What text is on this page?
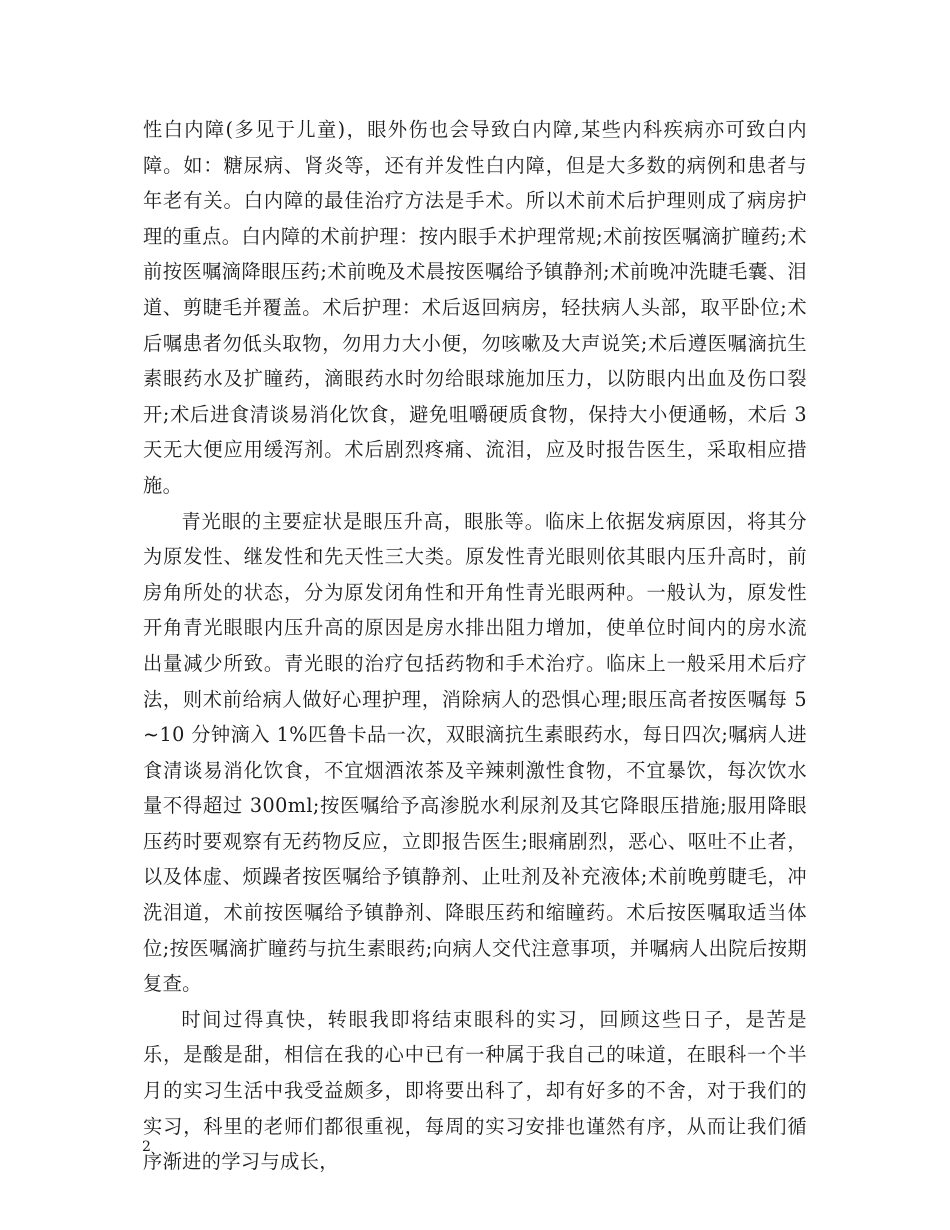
性白内障(多见于儿童)，眼外伤也会导致白内障,某些内科疾病亦可致白内障。如：糖尿病、肾炎等，还有并发性白内障，但是大多数的病例和患者与年老有关。白内障的最佳治疗方法是手术。所以术前术后护理则成了病房护理的重点。白内障的术前护理：按内眼手术护理常规;术前按医嘱滴扩瞳药;术前按医嘱滴降眼压药;术前晚及术晨按医嘱给予镇静剂;术前晚冲洗睫毛囊、泪道、剪睫毛并覆盖。术后护理：术后返回病房，轻扶病人头部，取平卧位;术后嘱患者勿低头取物，勿用力大小便，勿咳嗽及大声说笑;术后遵医嘱滴抗生素眼药水及扩瞳药，滴眼药水时勿给眼球施加压力，以防眼内出血及伤口裂开;术后进食清谈易消化饮食，避免咀嚼硬质食物，保持大小便通畅，术后 3 天无大便应用缓泻剂。术后剧烈疼痛、流泪，应及时报告医生，采取相应措施。

青光眼的主要症状是眼压升高，眼胀等。临床上依据发病原因，将其分为原发性、继发性和先天性三大类。原发性青光眼则依其眼内压升高时，前房角所处的状态，分为原发闭角性和开角性青光眼两种。一般认为，原发性开角青光眼眼内压升高的原因是房水排出阻力增加，使单位时间内的房水流出量减少所致。青光眼的治疗包括药物和手术治疗。临床上一般采用术后疗法，则术前给病人做好心理护理，消除病人的恐惧心理;眼压高者按医嘱每 5~10 分钟滴入 1%匹鲁卡品一次，双眼滴抗生素眼药水，每日四次;嘱病人进食清谈易消化饮食，不宜烟酒浓茶及辛辣刺激性食物，不宜暴饮，每次饮水量不得超过 300ml;按医嘱给予高渗脱水利尿剂及其它降眼压措施;服用降眼压药时要观察有无药物反应，立即报告医生;眼痛剧烈，恶心、呕吐不止者，以及体虚、烦躁者按医嘱给予镇静剂、止吐剂及补充液体;术前晚剪睫毛，冲洗泪道，术前按医嘱给予镇静剂、降眼压药和缩瞳药。术后按医嘱取适当体位;按医嘱滴扩瞳药与抗生素眼药;向病人交代注意事项，并嘱病人出院后按期复查。

时间过得真快，转眼我即将结束眼科的实习，回顾这些日子，是苦是乐，是酸是甜，相信在我的心中已有一种属于我自己的味道，在眼科一个半月的实习生活中我受益颇多，即将要出科了，却有好多的不舍，对于我们的实习，科里的老师们都很重视，每周的实习安排也谨然有序，从而让我们循序渐进的学习与成长，

2
